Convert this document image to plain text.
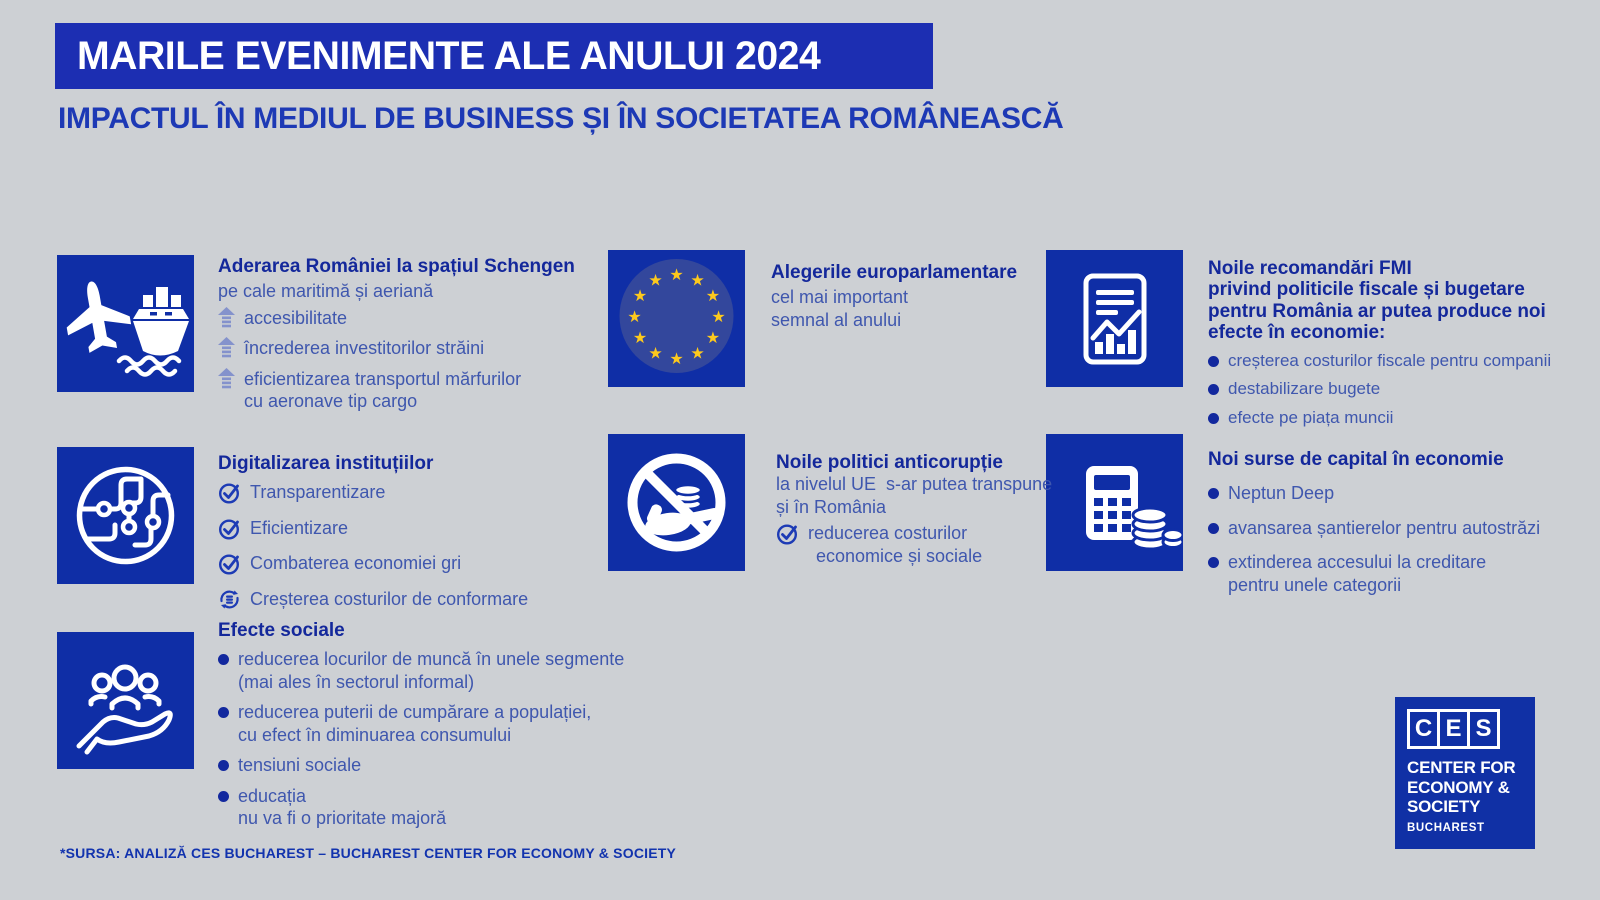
MARILE EVENIMENTE ALE ANULUI 2024
IMPACTUL ÎN MEDIUL DE BUSINESS ȘI ÎN SOCIETATEA ROMÂNEASCĂ
★ ★
★
★
★
★
★
★
★
★
★
★
Aderarea României la spațiul Schengen
pe cale maritimă și aeriană
accesibilitate
încrederea investitorilor străini
eficientizarea transportul mărfurilor
cu aeronave tip cargo
Alegerile europarlamentare
cel mai important
semnal al anului
Noile recomandări FMI
privind politicile fiscale și bugetare
pentru România ar putea produce noi
efecte în economie:
creșterea costurilor fiscale pentru companii
destabilizare bugete
efecte pe piața muncii
Digitalizarea instituțiilor
Transparentizare
Eficientizare
Combaterea economiei gri
Creșterea costurilor de conformare
Noile politici anticorupție
la nivelul UE  s-ar putea transpune
și în România
reducerea costurilor
economice și sociale
Noi surse de capital în economie
Neptun Deep
avansarea șantierelor pentru autostrăzi
extinderea accesului la creditare
pentru unele categorii
Efecte sociale
reducerea locurilor de muncă în unele segmente
(mai ales în sectorul informal)
reducerea puterii de cumpărare a populației,
cu efect în diminuarea consumului
tensiuni sociale
educația
nu va fi o prioritate majoră
*SURSA: ANALIZĂ CES BUCHAREST – BUCHAREST CENTER FOR ECONOMY & SOCIETY
C E S
CENTER FOR
ECONOMY &
SOCIETY
BUCHAREST
